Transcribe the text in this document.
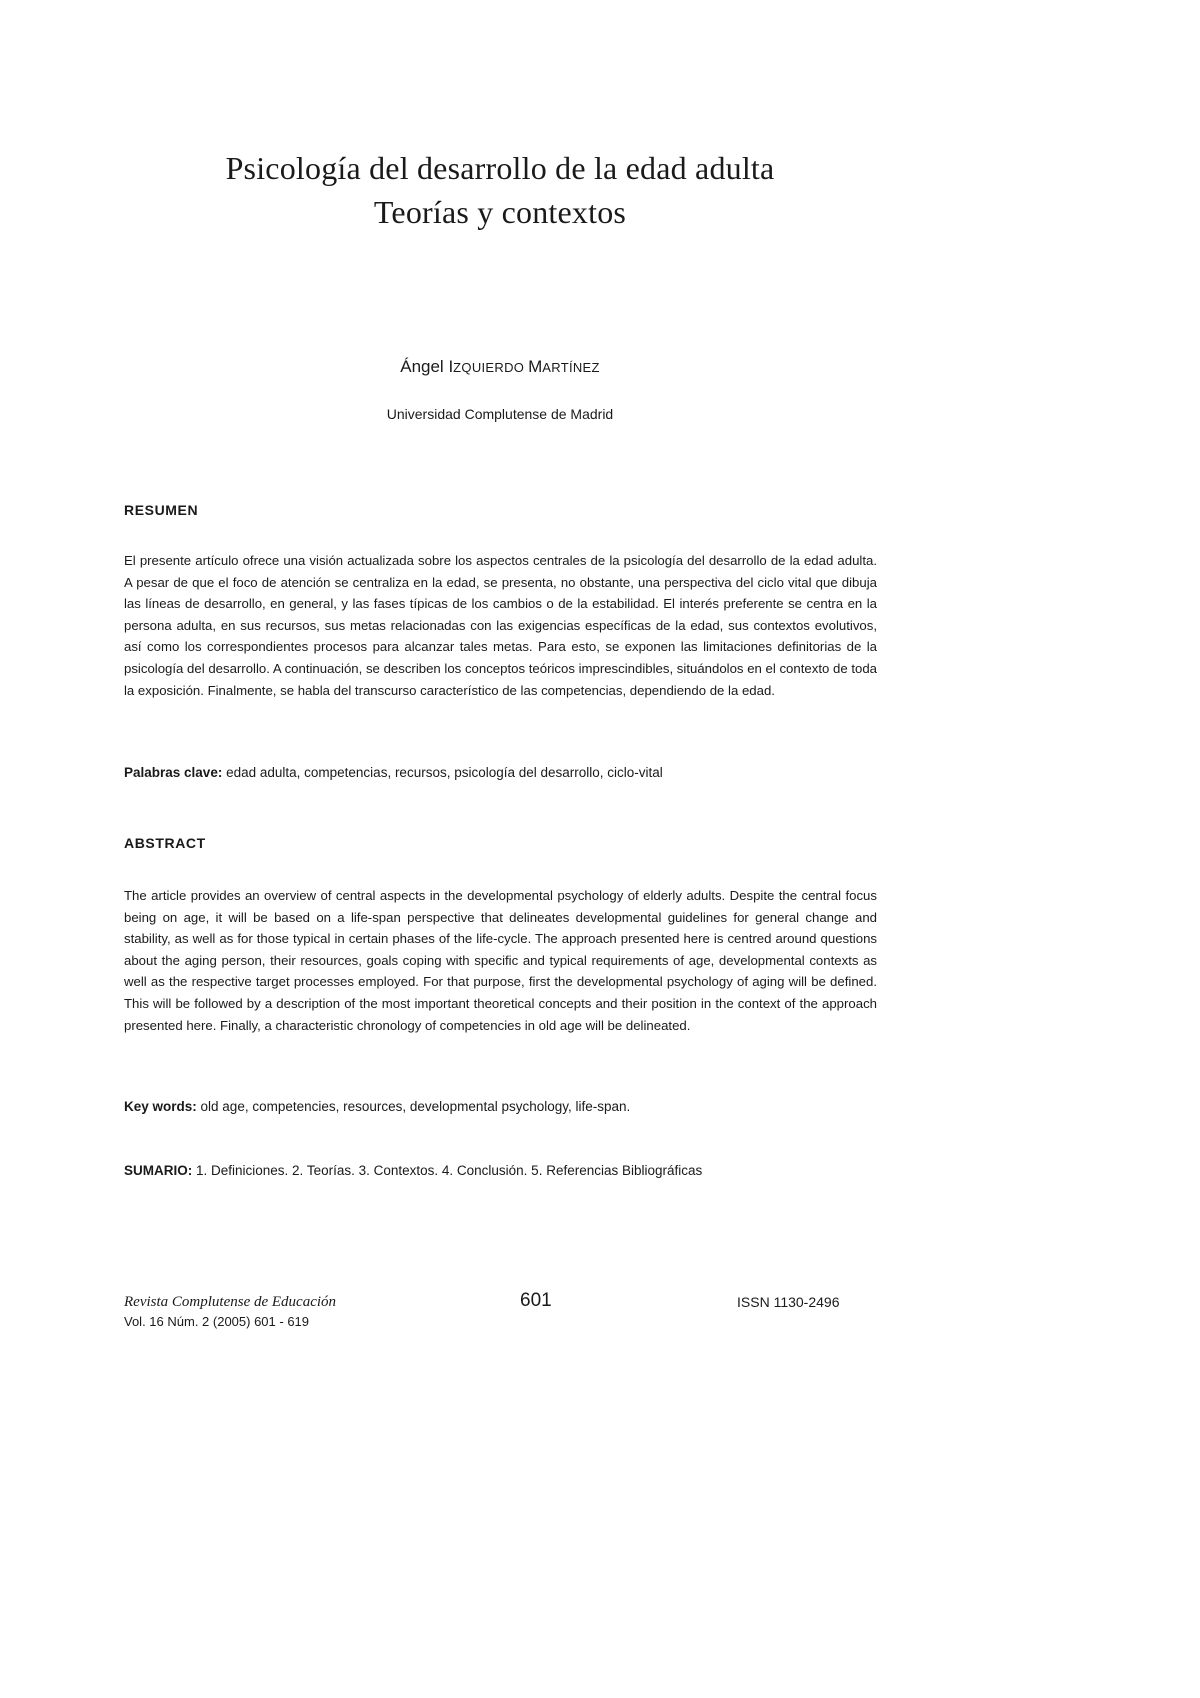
Psicología del desarrollo de la edad adulta
Teorías y contextos
Ángel IZQUIERDO MARTÍNEZ
Universidad Complutense de Madrid
RESUMEN

El presente artículo ofrece una visión actualizada sobre los aspectos centrales de la psicología del desarrollo de la edad adulta. A pesar de que el foco de atención se centraliza en la edad, se presenta, no obstante, una perspectiva del ciclo vital que dibuja las líneas de desarrollo, en general, y las fases típicas de los cambios o de la estabilidad. El interés preferente se centra en la persona adulta, en sus recursos, sus metas relacionadas con las exigencias específicas de la edad, sus contextos evolutivos, así como los correspondientes procesos para alcanzar tales metas. Para esto, se exponen las limitaciones definitorias de la psicología del desarrollo. A continuación, se describen los conceptos teóricos imprescindibles, situándolos en el contexto de toda la exposición. Finalmente, se habla del transcurso característico de las competencias, dependiendo de la edad.

Palabras clave: edad adulta, competencias, recursos, psicología del desarrollo, ciclo-vital
ABSTRACT

The article provides an overview of central aspects in the developmental psychology of elderly adults. Despite the central focus being on age, it will be based on a life-span perspective that delineates developmental guidelines for general change and stability, as well as for those typical in certain phases of the life-cycle. The approach presented here is centred around questions about the aging person, their resources, goals coping with specific and typical requirements of age, developmental contexts as well as the respective target processes employed. For that purpose, first the developmental psychology of aging will be defined. This will be followed by a description of the most important theoretical concepts and their position in the context of the approach presented here. Finally, a characteristic chronology of competencies in old age will be delineated.

Key words: old age, competencies, resources, developmental psychology, life-span.
SUMARIO: 1. Definiciones. 2. Teorías. 3. Contextos. 4. Conclusión. 5. Referencias Bibliográficas
Revista Complutense de Educación
Vol. 16 Núm. 2 (2005) 601 - 619
601	ISSN 1130-2496
